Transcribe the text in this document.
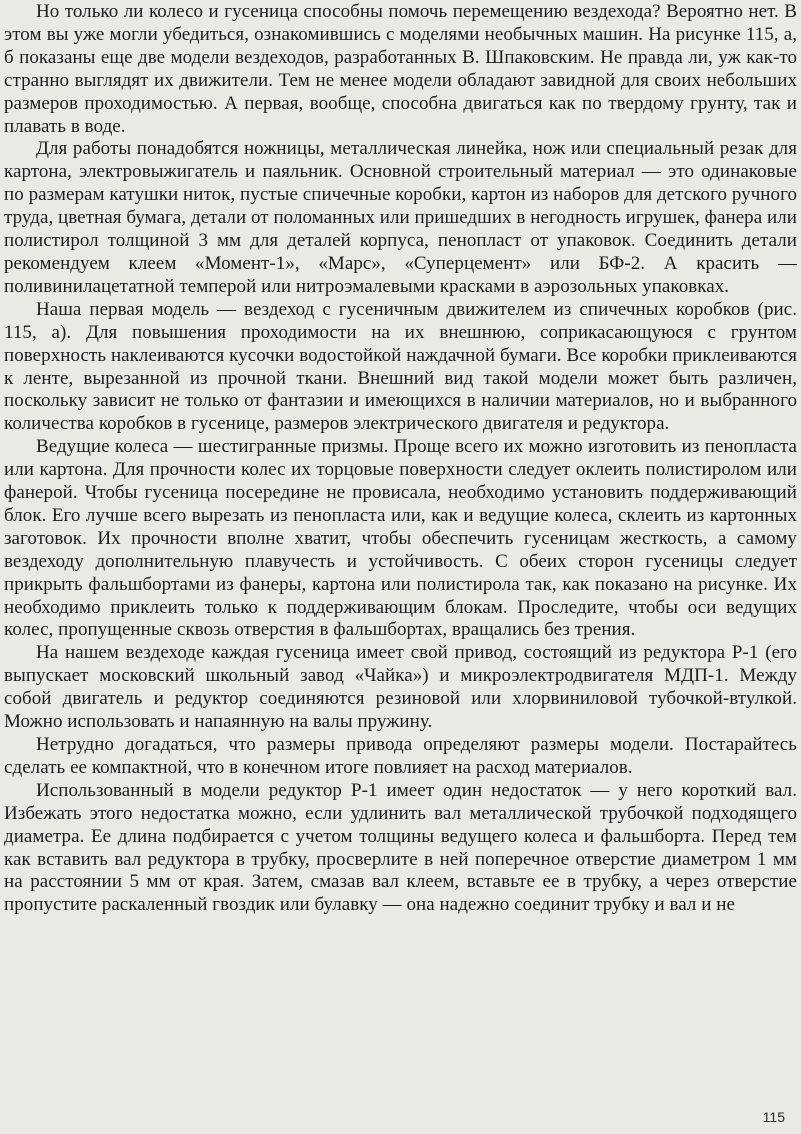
Но только ли колесо и гусеница способны помочь перемещению вездехода? Вероятно нет. В этом вы уже могли убедиться, ознакомившись с моделями необычных машин. На рисунке 115, а, б показаны еще две модели вездеходов, разработанных В. Шпаковским. Не правда ли, уж как-то странно выглядят их движители. Тем не менее модели обладают завидной для своих небольших размеров проходимостью. А первая, вообще, способна двигаться как по твердому грунту, так и плавать в воде.

Для работы понадобятся ножницы, металлическая линейка, нож или специальный резак для картона, электровыжигатель и паяльник. Основной строительный материал — это одинаковые по размерам катушки ниток, пустые спичечные коробки, картон из наборов для детского ручного труда, цветная бумага, детали от поломанных или пришедших в негодность игрушек, фанера или полистирол толщиной 3 мм для деталей корпуса, пенопласт от упаковок. Соединить детали рекомендуем клеем «Момент-1», «Марс», «Суперцемент» или БФ-2. А красить — поливинилацетатной темперой или нитроэмалевыми красками в аэрозольных упаковках.

Наша первая модель — вездеход с гусеничным движителем из спичечных коробков (рис. 115, а). Для повышения проходимости на их внешнюю, соприкасающуюся с грунтом поверхность наклеиваются кусочки водостойкой наждачной бумаги. Все коробки приклеиваются к ленте, вырезанной из прочной ткани. Внешний вид такой модели может быть различен, поскольку зависит не только от фантазии и имеющихся в наличии материалов, но и выбранного количества коробков в гусенице, размеров электрического двигателя и редуктора.

Ведущие колеса — шестигранные призмы. Проще всего их можно изготовить из пенопласта или картона. Для прочности колес их торцовые поверхности следует оклеить полистиролом или фанерой. Чтобы гусеница посередине не провисала, необходимо установить поддерживающий блок. Его лучше всего вырезать из пенопласта или, как и ведущие колеса, склеить из картонных заготовок. Их прочности вполне хватит, чтобы обеспечить гусеницам жесткость, а самому вездеходу дополнительную плавучесть и устойчивость. С обеих сторон гусеницы следует прикрыть фальшбортами из фанеры, картона или полистирола так, как показано на рисунке. Их необходимо приклеить только к поддерживающим блокам. Проследите, чтобы оси ведущих колес, пропущенные сквозь отверстия в фальшбортах, вращались без трения.

На нашем вездеходе каждая гусеница имеет свой привод, состоящий из редуктора Р-1 (его выпускает московский школьный завод «Чайка») и микроэлектродвигателя МДП-1. Между собой двигатель и редуктор соединяются резиновой или хлорвиниловой тубочкой-втулкой. Можно использовать и напаянную на валы пружину.

Нетрудно догадаться, что размеры привода определяют размеры модели. Постарайтесь сделать ее компактной, что в конечном итоге повлияет на расход материалов.

Использованный в модели редуктор Р-1 имеет один недостаток — у него короткий вал. Избежать этого недостатка можно, если удлинить вал металлической трубочкой подходящего диаметра. Ее длина подбирается с учетом толщины ведущего колеса и фальшборта. Перед тем как вставить вал редуктора в трубку, просверлите в ней поперечное отверстие диаметром 1 мм на расстоянии 5 мм от края. Затем, смазав вал клеем, вставьте ее в трубку, а через отверстие пропустите раскаленный гвоздик или булавку — она надежно соединит трубку и вал и не

115
